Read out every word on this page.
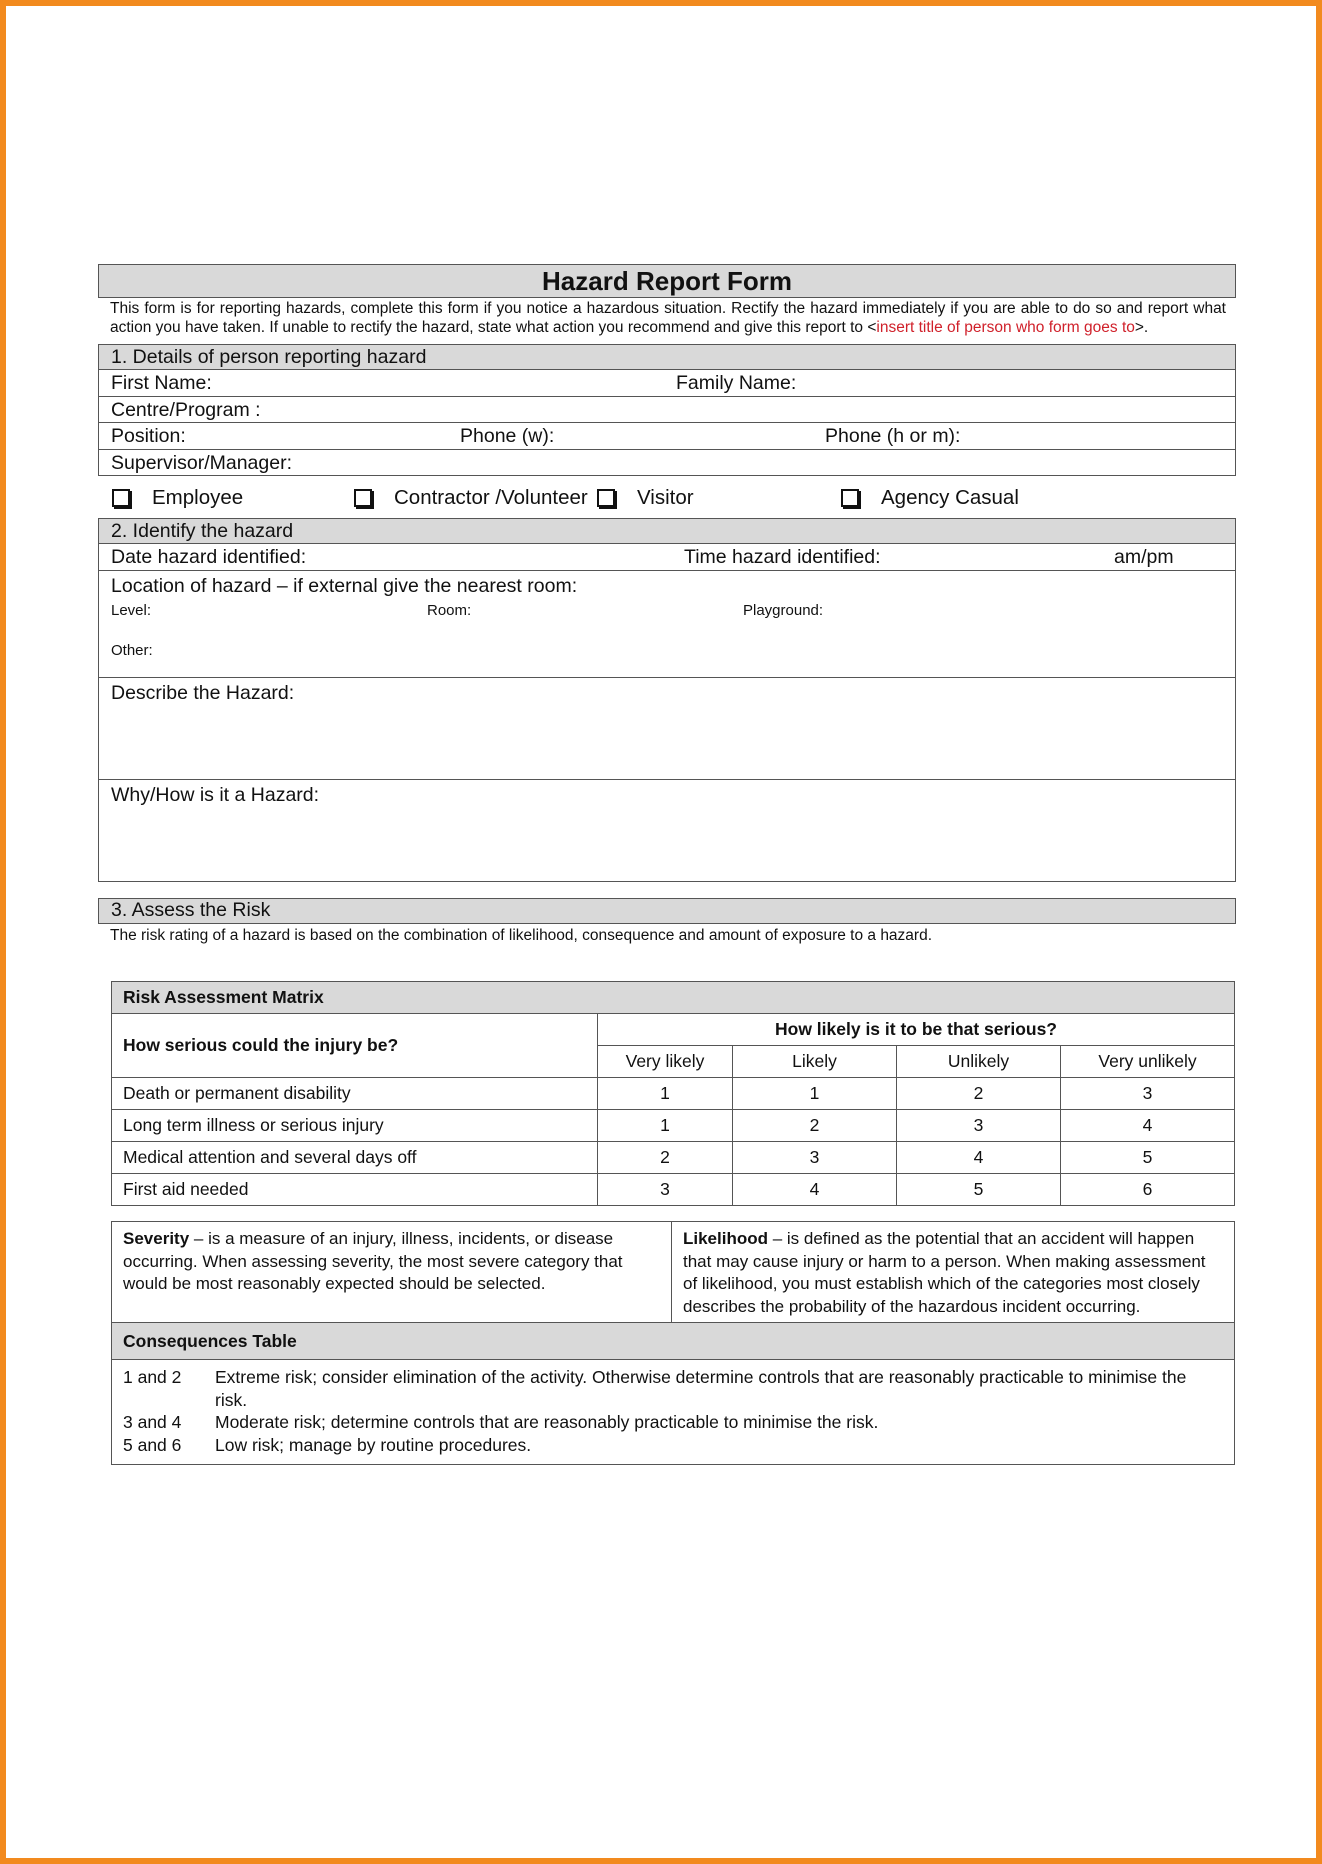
Hazard Report Form
This form is for reporting hazards, complete this form if you notice a hazardous situation. Rectify the hazard immediately if you are able to do so and report what action you have taken. If unable to rectify the hazard, state what action you recommend and give this report to <insert title of person who form goes to>.
1. Details of person reporting hazard
First Name:	Family Name:
Centre/Program :
Position:	Phone (w):	Phone (h or m):
Supervisor/Manager:
Employee	Contractor /Volunteer Visitor	Agency Casual
2. Identify the hazard
Date hazard identified:	Time hazard identified:	am/pm
Location of hazard – if external give the nearest room:
Level:	Room:	Playground:
Other:
Describe the Hazard:
Why/How is it a Hazard:
3. Assess the Risk
The risk rating of a hazard is based on the combination of likelihood, consequence and amount of exposure to a hazard.
Risk Assessment Matrix				
How serious could the injury be?	How likely is it to be that serious?			
	Very likely	Likely	Unlikely	Very unlikely
Death or permanent disability	1	1	2	3
Long term illness or serious injury	1	2	3	4
Medical attention and several days off	2	3	4	5
First aid needed	3	4	5	6
Severity – is a measure of an injury, illness, incidents, or disease occurring. When assessing severity, the most severe category that would be most reasonably expected should be selected.
Likelihood – is defined as the potential that an accident will happen that may cause injury or harm to a person. When making assessment of likelihood, you must establish which of the categories most closely describes the probability of the hazardous incident occurring.
Consequences Table
1 and 2	Extreme risk; consider elimination of the activity. Otherwise determine controls that are reasonably practicable to minimise the risk.
3 and 4	Moderate risk; determine controls that are reasonably practicable to minimise the risk.
5 and 6	Low risk; manage by routine procedures.
